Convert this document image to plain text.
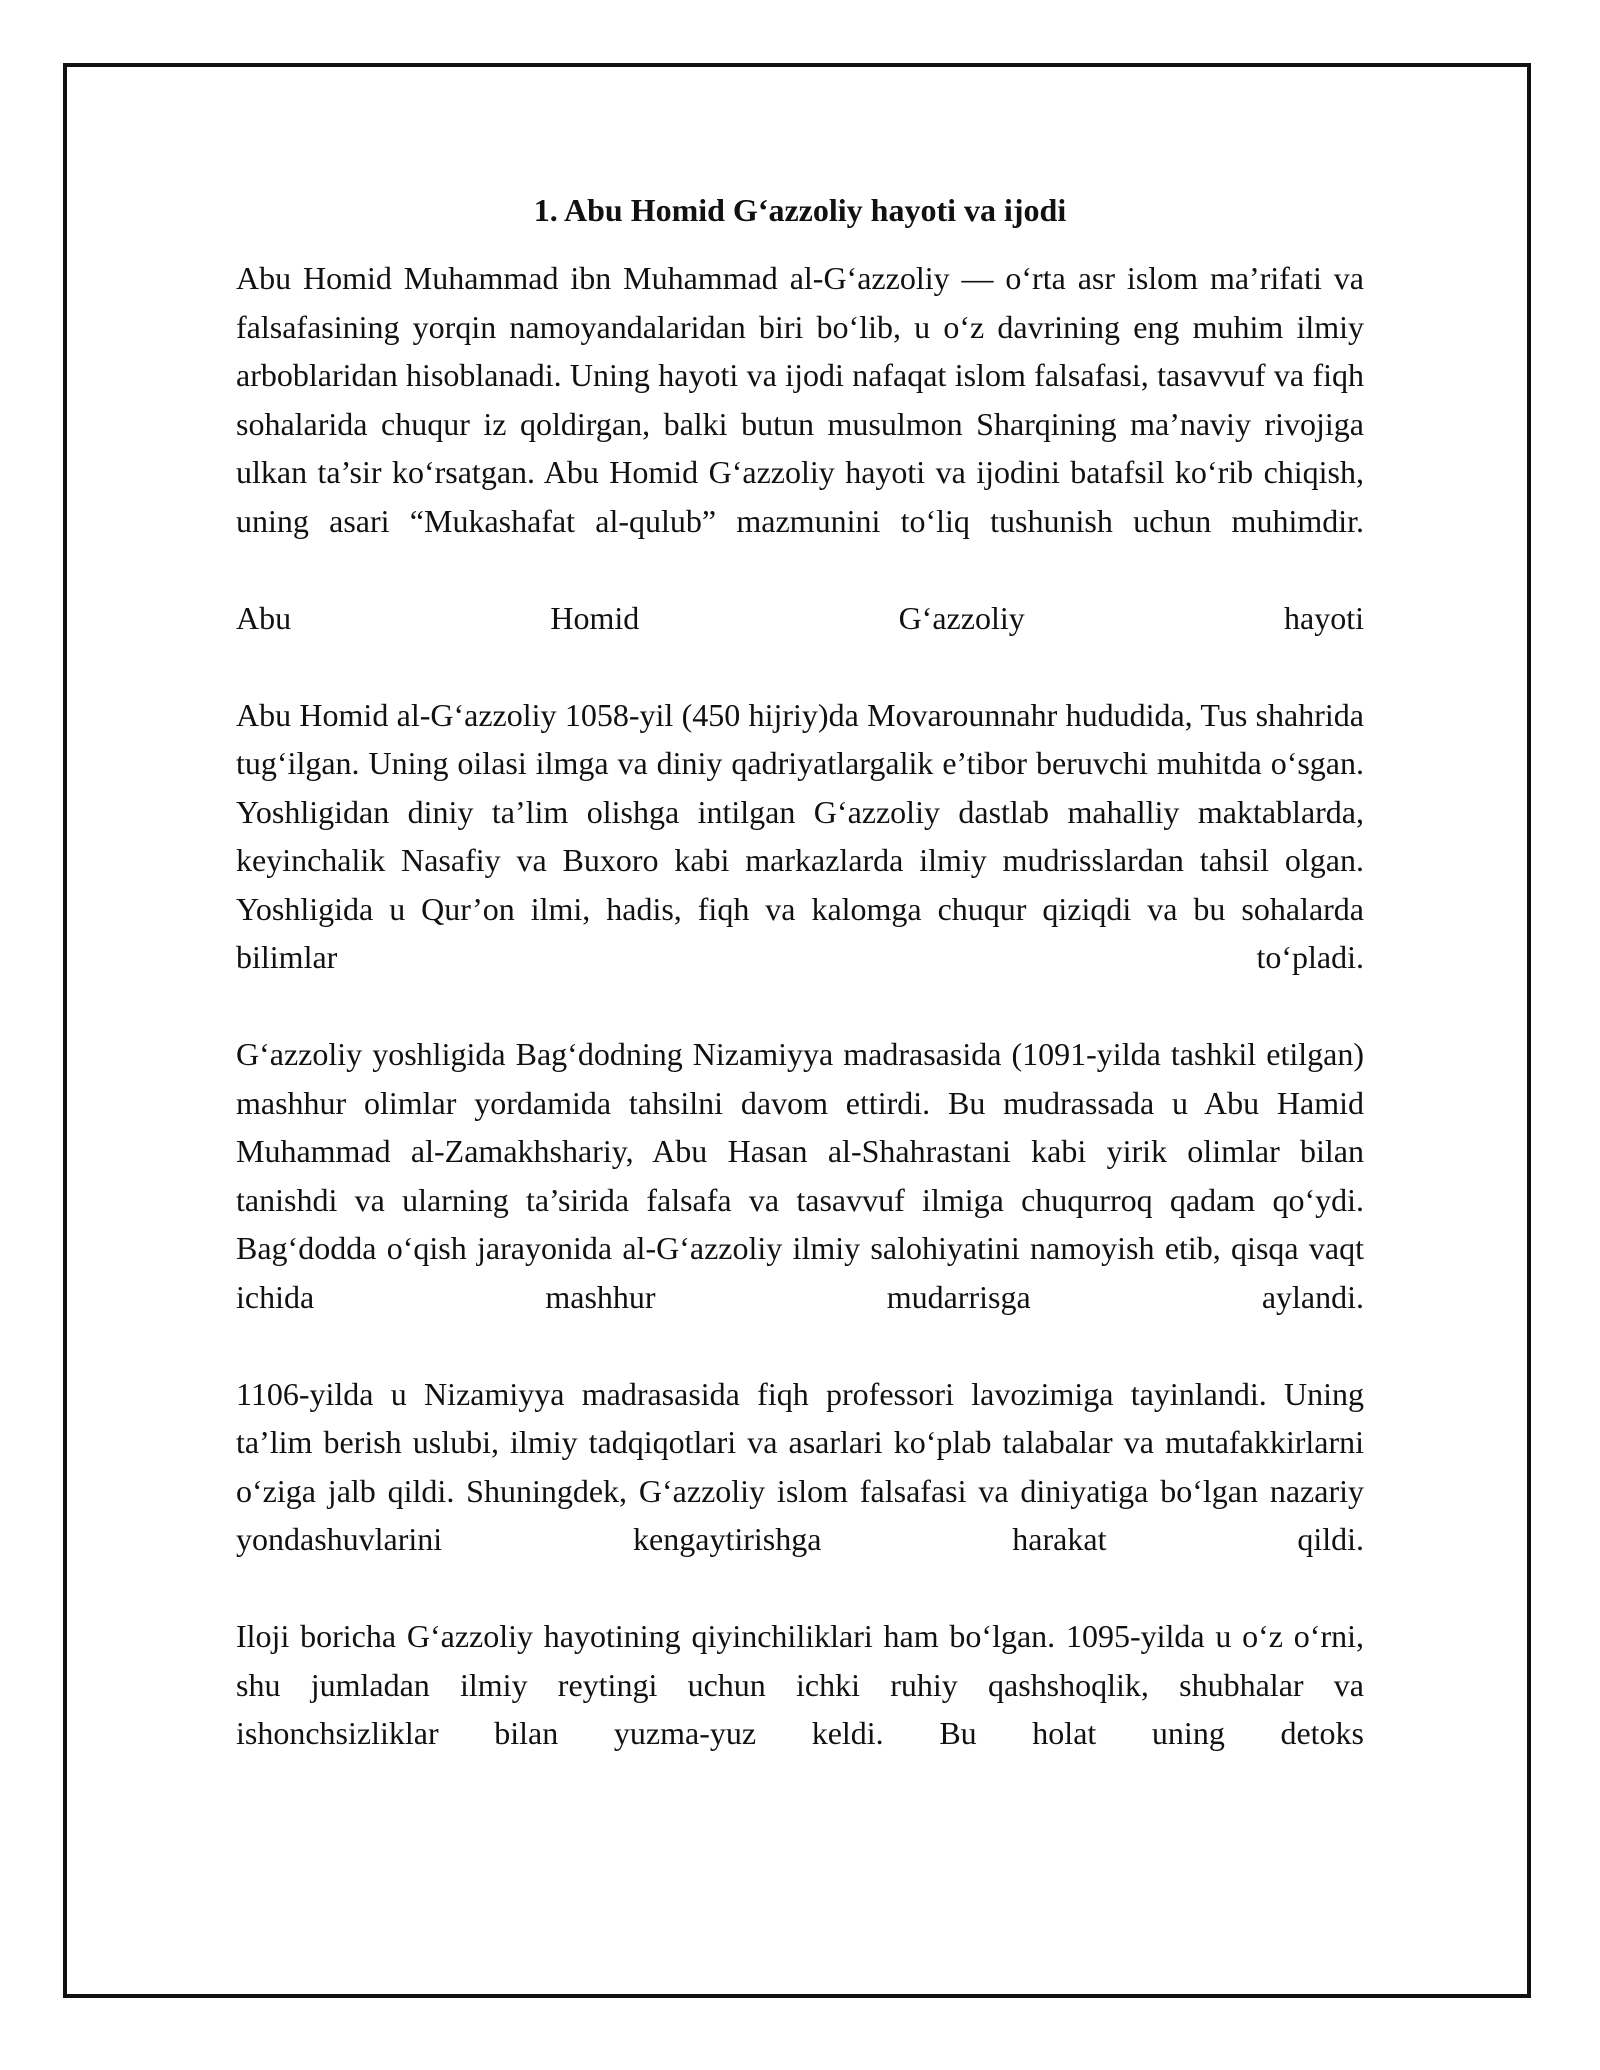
1. Abu Homid G‘azzoliy hayoti va ijodi

Abu Homid Muhammad ibn Muhammad al-G‘azzoliy — o‘rta asr islom ma’rifati va falsafasining yorqin namoyandalaridan biri bo‘lib, u o‘z davrining eng muhim ilmiy arboblaridan hisoblanadi. Uning hayoti va ijodi nafaqat islom falsafasi, tasavvuf va fiqh sohalarida chuqur iz qoldirgan, balki butun musulmon Sharqining ma’naviy rivojiga ulkan ta’sir ko‘rsatgan. Abu Homid G‘azzoliy hayoti va ijodini batafsil ko‘rib chiqish, uning asari “Mukashafat al-qulub” mazmunini to‘liq tushunish uchun muhimdir.

Abu	Homid	G‘azzoliy	hayoti

Abu Homid al-G‘azzoliy 1058-yil (450 hijriy)da Movarounnahr hududida, Tus shahrida tug‘ilgan. Uning oilasi ilmga va diniy qadriyatlargalik e’tibor beruvchi muhitda o‘sgan. Yoshligidan diniy ta’lim olishga intilgan G‘azzoliy dastlab mahalliy maktablarda, keyinchalik Nasafiy va Buxoro kabi markazlarda ilmiy mudrisslardan tahsil olgan. Yoshligida u Qur’on ilmi, hadis, fiqh va kalomga chuqur qiziqdi va bu sohalarda bilimlar to‘pladi.

G‘azzoliy yoshligida Bag‘dodning Nizamiyya madrasasida (1091-yilda tashkil etilgan) mashhur olimlar yordamida tahsilni davom ettirdi. Bu mudrassada u Abu Hamid Muhammad al-Zamakhshariy, Abu Hasan al-Shahrastani kabi yirik olimlar bilan tanishdi va ularning ta’sirida falsafa va tasavvuf ilmiga chuqurroq qadam qo‘ydi. Bag‘dodda o‘qish jarayonida al-G‘azzoliy ilmiy salohiyatini namoyish etib, qisqa vaqt ichida mashhur mudarrisga aylandi.

1106-yilda u Nizamiyya madrasasida fiqh professori lavozimiga tayinlandi. Uning ta’lim berish uslubi, ilmiy tadqiqotlari va asarlari ko‘plab talabalar va mutafakkirlarni o‘ziga jalb qildi. Shuningdek, G‘azzoliy islom falsafasi va diniyatiga bo‘lgan nazariy yondashuvlarini kengaytirishga harakat qildi.

Iloji boricha G‘azzoliy hayotining qiyinchiliklari ham bo‘lgan. 1095-yilda u o‘z o‘rni, shu jumladan ilmiy reytingi uchun ichki ruhiy qashshoqlik, shubhalar va ishonchsizliklar bilan yuzma-yuz keldi. Bu holat uning detoks
